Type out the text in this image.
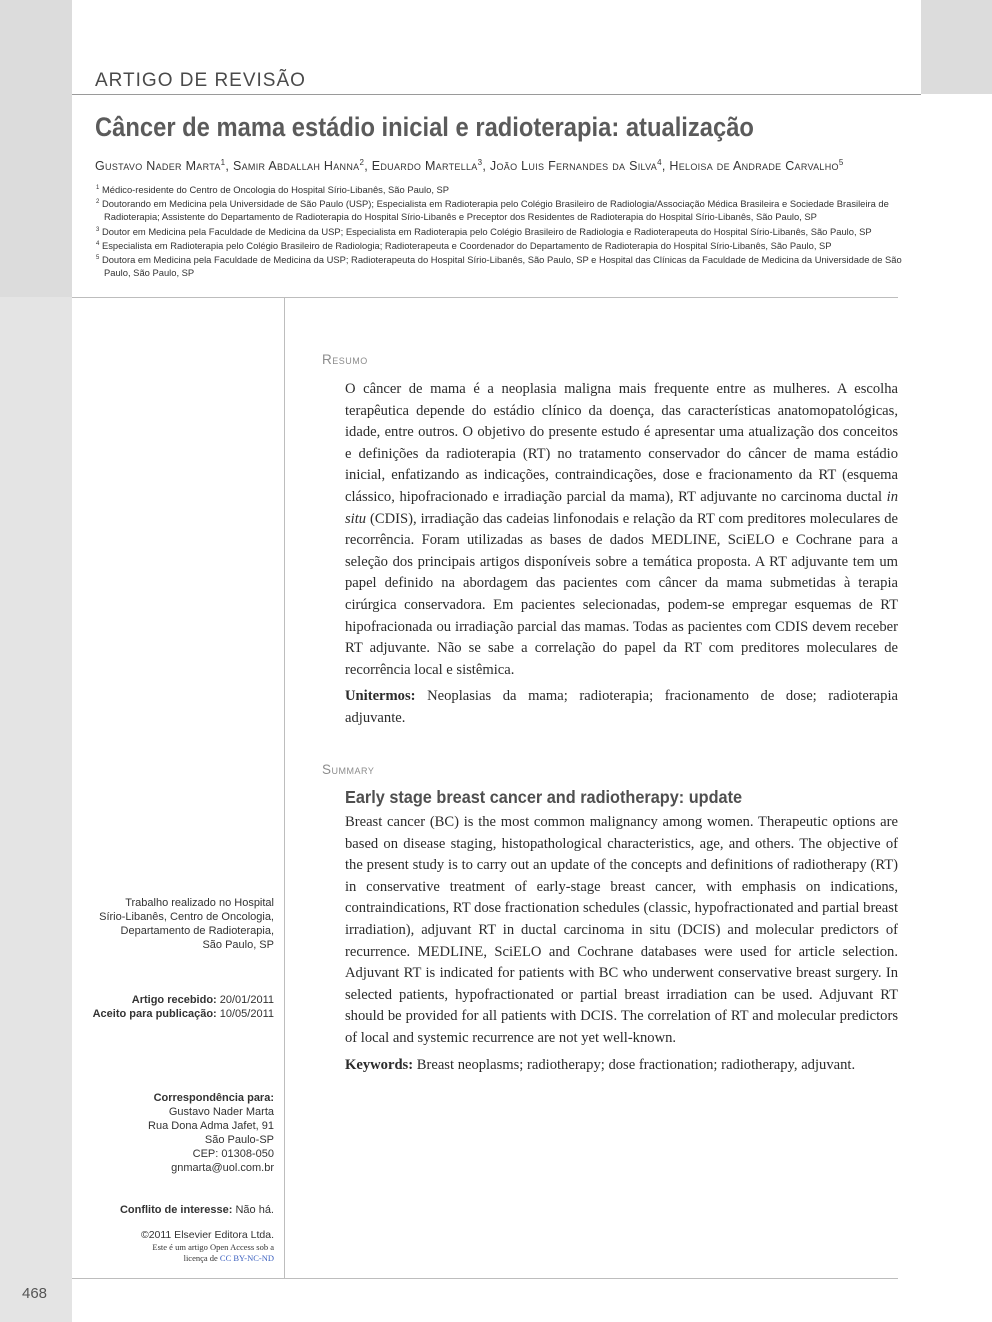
ARTIGO DE REVISÃO
Câncer de mama estádio inicial e radioterapia: atualização
Gustavo Nader Marta$^1$, Samir Abdallah Hanna$^2$, Eduardo Martella$^3$, João Luis Fernandes da Silva$^4$, Heloisa de Andrade Carvalho$^5$
$^1$ Médico-residente do Centro de Oncologia do Hospital Sírio-Libanês, São Paulo, SP
$^2$ Doutorando em Medicina pela Universidade de São Paulo (USP); Especialista em Radioterapia pelo Colégio Brasileiro de Radiologia/Associação Médica Brasileira e Sociedade Brasileira de Radioterapia; Assistente do Departamento de Radioterapia do Hospital Sírio-Libanês e Preceptor dos Residentes de Radioterapia do Hospital Sírio-Libanês, São Paulo, SP
$^3$ Doutor em Medicina pela Faculdade de Medicina da USP; Especialista em Radioterapia pelo Colégio Brasileiro de Radiologia e Radioterapeuta do Hospital Sírio-Libanês, São Paulo, SP
$^4$ Especialista em Radioterapia pelo Colégio Brasileiro de Radiologia; Radioterapeuta e Coordenador do Departamento de Radioterapia do Hospital Sírio-Libanês, São Paulo, SP
$^5$ Doutora em Medicina pela Faculdade de Medicina da USP; Radioterapeuta do Hospital Sírio-Libanês, São Paulo, SP e Hospital das Clínicas da Faculdade de Medicina da Universidade de São Paulo, São Paulo, SP
Resumo

O câncer de mama é a neoplasia maligna mais frequente entre as mulheres. A escolha terapêutica depende do estádio clínico da doença, das características anatomopatológicas, idade, entre outros. O objetivo do presente estudo é apresentar uma atualização dos conceitos e definições da radioterapia (RT) no tratamento conservador do câncer de mama estádio inicial, enfatizando as indicações, contraindicações, dose e fracionamento da RT (esquema clássico, hipofracionado e irradiação parcial da mama), RT adjuvante no carcinoma ductal in situ (CDIS), irradiação das cadeias linfonodais e relação da RT com preditores moleculares de recorrência. Foram utilizadas as bases de dados MEDLINE, SciELO e Cochrane para a seleção dos principais artigos disponíveis sobre a temática proposta. A RT adjuvante tem um papel definido na abordagem das pacientes com câncer da mama submetidas à terapia cirúrgica conservadora. Em pacientes selecionadas, podem-se empregar esquemas de RT hipofracionada ou irradiação parcial das mamas. Todas as pacientes com CDIS devem receber RT adjuvante. Não se sabe a correlação do papel da RT com preditores moleculares de recorrência local e sistêmica.

Unitermos: Neoplasias da mama; radioterapia; fracionamento de dose; radioterapia adjuvante.

Summary
Early stage breast cancer and radiotherapy: update

Breast cancer (BC) is the most common malignancy among women. Therapeutic options are based on disease staging, histopathological characteristics, age, and others. The objective of the present study is to carry out an update of the concepts and definitions of radiotherapy (RT) in conservative treatment of early-stage breast cancer, with emphasis on indications, contraindications, RT dose fractionation schedules (classic, hypofractionated and partial breast irradiation), adjuvant RT in ductal carcinoma in situ (DCIS) and molecular predictors of recurrence. MEDLINE, SciELO and Cochrane databases were used for article selection. Adjuvant RT is indicated for patients with BC who underwent conservative breast surgery. In selected patients, hypofractionated or partial breast irradiation can be used. Adjuvant RT should be provided for all patients with DCIS. The correlation of RT and molecular predictors of local and systemic recurrence are not yet well-known.

Keywords: Breast neoplasms; radiotherapy; dose fractionation; radiotherapy, adjuvant.

Trabalho realizado no Hospital
Sírio-Libanês, Centro de Oncologia,
Departamento de Radioterapia,
São Paulo, SP
Artigo recebido: 20/01/2011
Aceito para publicação: 10/05/2011
Correspondência para:
Gustavo Nader Marta
Rua Dona Adma Jafet, 91
São Paulo-SP
CEP: 01308-050
gnmarta@uol.com.br
Conflito de interesse: Não há.
©2011 Elsevier Editora Ltda.
Este é um artigo Open Access sob a
licença de CC BY-NC-ND
468
